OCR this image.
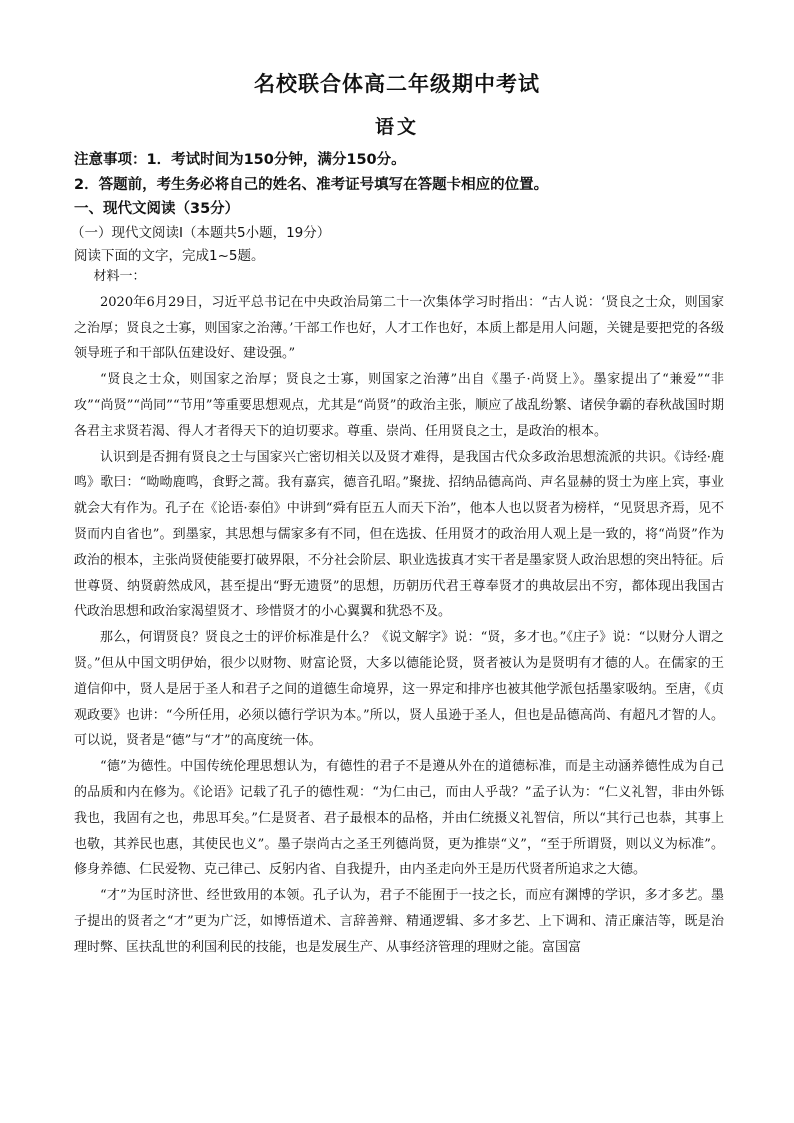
名校联合体高二年级期中考试
语文
注意事项：1．考试时间为150分钟，满分150分。
2．答题前，考生务必将自己的姓名、准考证号填写在答题卡相应的位置。
一、现代文阅读（35分）
（一）现代文阅读Ⅰ（本题共5小题，19分）
阅读下面的文字，完成1~5题。

材料一：

2020年6月29日，习近平总书记在中央政治局第二十一次集体学习时指出：“古人说：‘贤良之士众，则国家之治厚；贤良之士寡，则国家之治薄。’干部工作也好，人才工作也好，本质上都是用人问题，关键是要把党的各级领导班子和干部队伍建设好、建设强。”

“贤良之士众，则国家之治厚；贤良之士寡，则国家之治薄”出自《墨子·尚贤上》。墨家提出了“兼爱”“非攻”“尚贤”“尚同”“节用”等重要思想观点，尤其是“尚贤”的政治主张，顺应了战乱纷繁、诸侯争霸的春秋战国时期各君主求贤若渴、得人才者得天下的迫切要求。尊重、崇尚、任用贤良之士，是政治的根本。

认识到是否拥有贤良之士与国家兴亡密切相关以及贤才难得，是我国古代众多政治思想流派的共识。《诗经·鹿鸣》歌曰：“呦呦鹿鸣，食野之蒿。我有嘉宾，德音孔昭。”聚拢、招纳品德高尚、声名显赫的贤士为座上宾，事业就会大有作为。孔子在《论语·泰伯》中讲到“舜有臣五人而天下治”，他本人也以贤者为榜样，“见贤思齐焉，见不贤而内自省也”。到墨家，其思想与儒家多有不同，但在选拔、任用贤才的政治用人观上是一致的，将“尚贤”作为政治的根本，主张尚贤使能要打破界限，不分社会阶层、职业选拔真才实干者是墨家贤人政治思想的突出特征。后世尊贤、纳贤蔚然成风，甚至提出“野无遗贤”的思想，历朝历代君王尊奉贤才的典故层出不穷，都体现出我国古代政治思想和政治家渴望贤才、珍惜贤才的小心翼翼和犹恐不及。

那么，何谓贤良？贤良之士的评价标准是什么？《说文解字》说：“贤，多才也。”《庄子》说：“以财分人谓之贤。”但从中国文明伊始，很少以财物、财富论贤，大多以德能论贤，贤者被认为是贤明有才德的人。在儒家的王道信仰中，贤人是居于圣人和君子之间的道德生命境界，这一界定和排序也被其他学派包括墨家吸纳。至唐，《贞观政要》也讲：“今所任用，必须以德行学识为本。”所以，贤人虽逊于圣人，但也是品德高尚、有超凡才智的人。可以说，贤者是“德”与“才”的高度统一体。

“德”为德性。中国传统伦理思想认为，有德性的君子不是遵从外在的道德标准，而是主动涵养德性成为自己的品质和内在修为。《论语》记载了孔子的德性观：“为仁由己，而由人乎哉？”孟子认为：“仁义礼智，非由外铄我也，我固有之也，弗思耳矣。”仁是贤者、君子最根本的品格，并由仁统摄义礼智信，所以“其行己也恭，其事上也敬，其养民也惠，其使民也义”。墨子崇尚古之圣王列德尚贤，更为推崇“义”，“至于所谓贤，则以义为标准”。修身养德、仁民爱物、克己律己、反躬内省、自我提升，由内圣走向外王是历代贤者所追求之大德。

“才”为匡时济世、经世致用的本领。孔子认为，君子不能囿于一技之长，而应有渊博的学识，多才多艺。墨子提出的贤者之“才”更为广泛，如博悟道术、言辞善辩、精通逻辑、多才多艺、上下调和、清正廉洁等，既是治理时弊、匡扶乱世的利国利民的技能，也是发展生产、从事经济管理的理财之能。富国富
